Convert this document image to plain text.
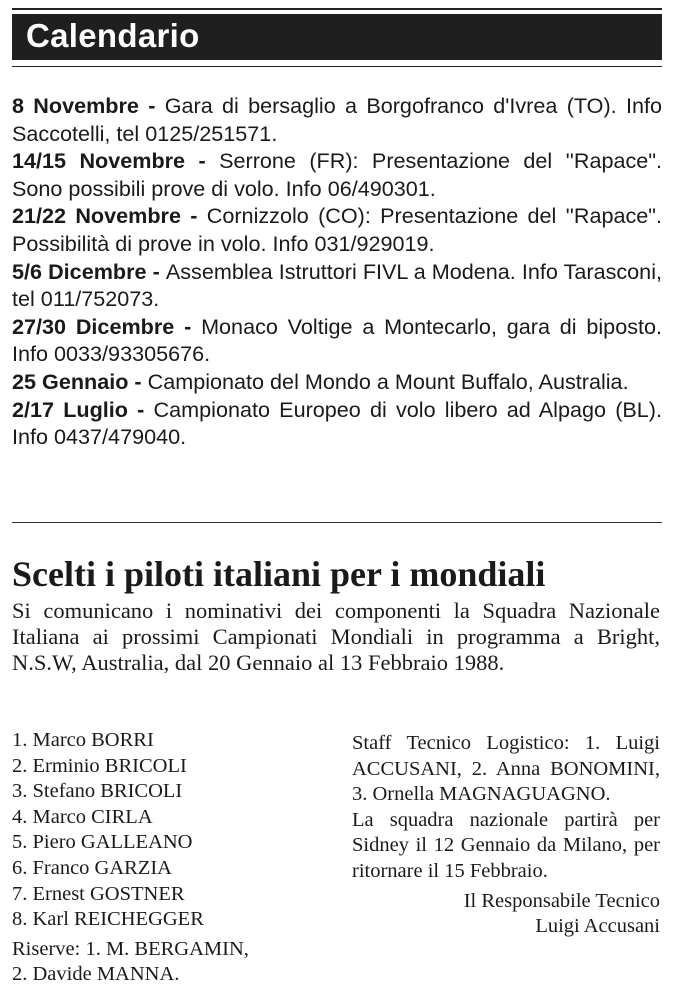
Calendario

8 Novembre - Gara di bersaglio a Borgofranco d'Ivrea (TO). Info Saccotelli, tel 0125/251571.

14/15 Novembre - Serrone (FR): Presentazione del ''Rapace". Sono possibili prove di volo. Info 06/490301.

21/22 Novembre - Cornizzolo (CO): Presentazione del ''Rapace". Possibilità di prove in volo. Info 031/929019.

5/6 Dicembre - Assemblea Istruttori FIVL a Modena. Info Tarasconi, tel 011/752073.

27/30 Dicembre - Monaco Voltige a Montecarlo, gara di biposto. Info 0033/93305676.

25 Gennaio - Campionato del Mondo a Mount Buffalo, Australia.

2/17 Luglio - Campionato Europeo di volo libero ad Alpago (BL). Info 0437/479040.

Scelti i piloti italiani per i mondiali
Si comunicano i nominativi dei componenti la Squadra Nazionale Italiana ai prossimi Campionati Mondiali in programma a Bright, N.S.W, Australia, dal 20 Gennaio al 13 Febbraio 1988.
1. Marco BORRI
2. Erminio BRICOLI
3. Stefano BRICOLI
4. Marco CIRLA
5. Piero GALLEANO
6. Franco GARZIA
7. Ernest GOSTNER
8. Karl REICHEGGER
Riserve: 1. M. BERGAMIN,
2. Davide MANNA.

Staff Tecnico Logistico: 1. Luigi ACCUSANI, 2. Anna BONOMINI, 3. Ornella MAGNAGUAGNO.

La squadra nazionale partirà per Sidney il 12 Gennaio da Milano, per ritornare il 15 Febbraio.

Il Responsabile Tecnico
Luigi Accusani
